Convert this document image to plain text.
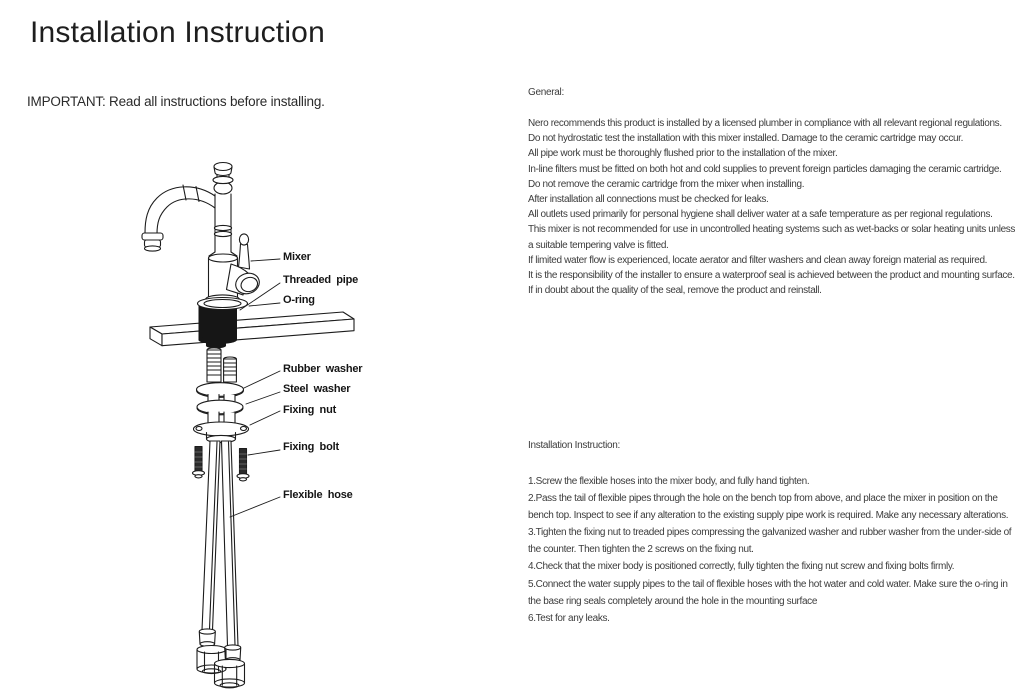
Installation Instruction
IMPORTANT: Read all instructions before installing.
Mixer
Threaded pipe
O-ring
Rubber washer
Steel washer
Fixing nut
Fixing bolt
Flexible hose
General:

Nero recommends this product is installed by a licensed plumber in compliance with all relevant regional regulations.

Do not hydrostatic test the installation with this mixer installed. Damage to the ceramic cartridge may occur.

All pipe work must be thoroughly flushed prior to the installation of the mixer.

In-line filters must be fitted on both hot and cold supplies to prevent foreign particles damaging the ceramic cartridge.

Do not remove the ceramic cartridge from the mixer when installing.

After installation all connections must be checked for leaks.

All outlets used primarily for personal hygiene shall deliver water at a safe temperature as per regional regulations.

This mixer is not recommended for use in uncontrolled heating systems such as wet-backs or solar heating units unless a suitable tempering valve is fitted.

If limited water flow is experienced, locate aerator and filter washers and clean away foreign material as required.

It is the responsibility of the installer to ensure a waterproof seal is achieved between the product and mounting surface. If in doubt about the quality of the seal, remove the product and reinstall.

Installation Instruction:

1.Screw the flexible hoses into the mixer body, and fully hand tighten.

2.Pass the tail of flexible pipes through the hole on the bench top from above, and place the mixer in position on the bench top. Inspect to see if any alteration to the existing supply pipe work is required. Make any necessary alterations.

3.Tighten the fixing nut to treaded pipes compressing the galvanized washer and rubber washer from the under-side of the counter. Then tighten the 2 screws on the fixing nut.

4.Check that the mixer body is positioned correctly, fully tighten the fixing nut screw and fixing bolts firmly.

5.Connect the water supply pipes to the tail of flexible hoses with the hot water and cold water. Make sure the o-ring in the base ring seals completely around the hole in the mounting surface

6.Test for any leaks.
